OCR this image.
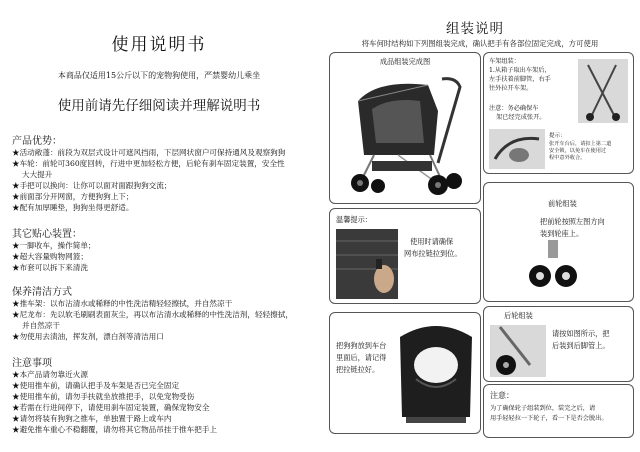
使用说明书
本商品仅适用15公斤以下的宠物狗使用，严禁婴幼儿乘坐
使用前请先仔细阅读并理解说明书
产品优势：
★活动敞蓬：前段为双层式设计可遮风挡雨，下层网状窗户可保持通风及观察狗狗
★车轮：前轮可360度回转，行进中更加轻松方便，后轮有刹车固定装置，安全性
大大提升
★手把可以换向：让你可以面对面跟狗狗交流；
★前面部分开网窗，方便狗狗上下；
★配有加厚睡垫，狗狗坐得更舒适。
其它贴心装置：
★一脚收车，操作简单；
★超大容量购物网篮；
★布套可以拆下来清洗
保养清洁方式
★推车架：以布沾清水或稀释的中性洗洁精轻轻擦拭，并自然凉干
★尼龙布：先以软毛刷刷表面灰尘，再以布沾清水或稀释的中性洗洁剂，轻轻擦拭，
并自然凉干
★勿使用去渍油，挥发剂，漂白剂等清洁用口
注意事项
★本产品请勿靠近火源
★使用推车前，请确认把手及车架是否已完全固定
★使用推车前，请勿手扶就坐放推把手，以免宠物受伤
★若需在行进间停下，请使用刹车固定装置，确保宠物安全
★请勿将装有狗狗之推车，单独置于路上或车内
★避免推车重心不稳翻覆，请勿将其它物品吊挂于推车把手上
组装说明
将车何时结构如下列图组装完成，确认把手有各部位固定完成，方可使用
成品组装完成图	车架组装：
1.从箱子取出车架后，
左手扶着前脚管，右手
往外拉开车架。
注意：务必确保车
架已经完成张开。
提示：
张开车台后，请扣上第二道
安全锁，以免车在使用过
程中意外收合。
温馨提示：
使用时请确保
网布拉链拉到位。
前轮组装
把前轮按照左图方向
装到轮座上。
把狗狗放到车台
里面后，请记得
把拉链拉好。
后轮组装
请按如图所示，把
后装到后脚管上。
注意：
为了确保轮子组装到位，装完之后，请
用手轻轻拉一下轮子，看一下是否会脱出。
